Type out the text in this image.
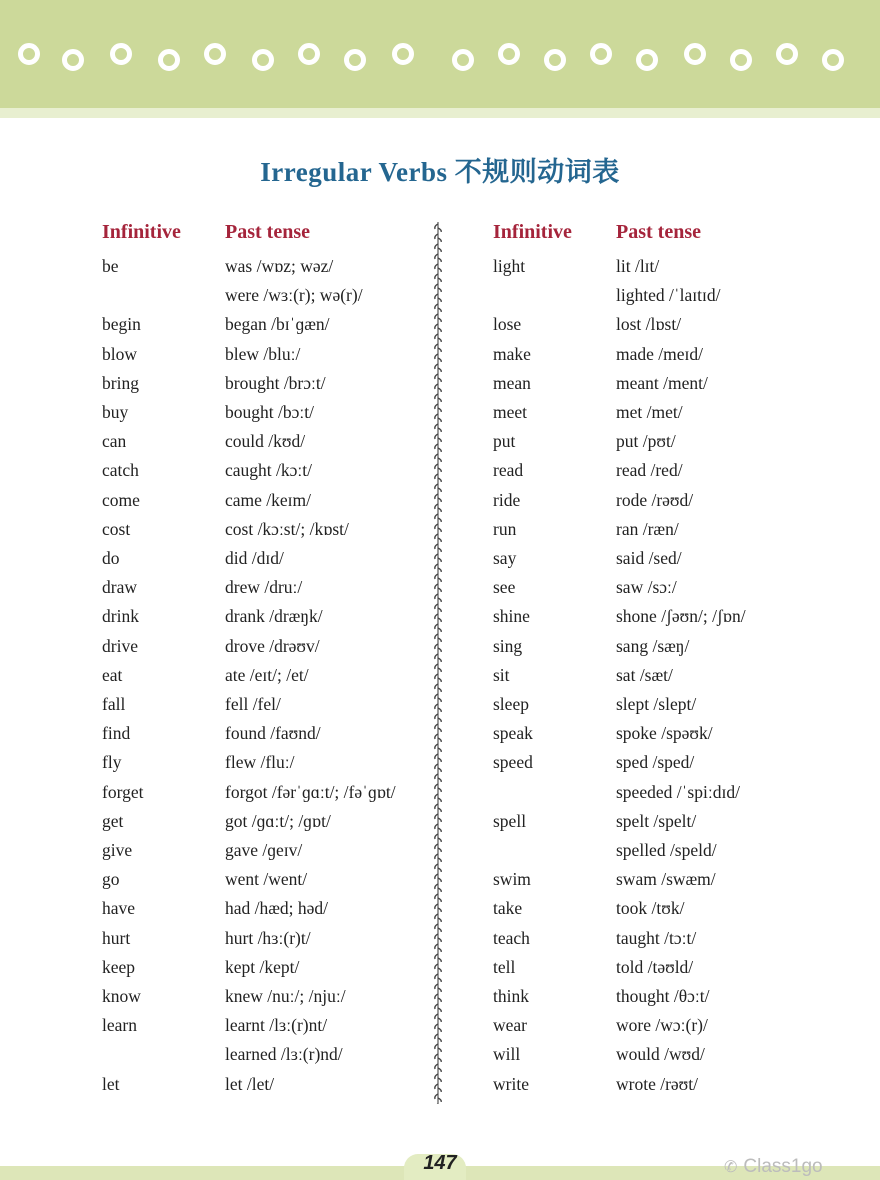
Irregular Verbs 不规则动词表
Infinitive Past tense	Infinitive Past tense
be	was /wɒz; wəz/
were /wɜː(r); wə(r)/
begin	began /bɪˈɡæn/
blow	blew /bluː/
bring	brought /brɔːt/
buy	bought /bɔːt/
can	could /kʊd/
catch	caught /kɔːt/
come	came /keɪm/
cost	cost /kɔːst/; /kɒst/
do	did /dɪd/
draw	drew /druː/
drink	drank /dræŋk/
drive	drove /drəʊv/
eat	ate /eɪt/; /et/
fall	fell /fel/
find	found /faʊnd/
fly	flew /fluː/
forget	forgot /fərˈɡɑːt/; /fəˈɡɒt/
get	got /ɡɑːt/; /ɡɒt/
give	gave /ɡeɪv/
go	went /went/
have	had /hæd; həd/
hurt	hurt /hɜː(r)t/
keep	kept /kept/
know	knew /nuː/; /njuː/
learn	learnt /lɜː(r)nt/
learned /lɜː(r)nd/
let	let /let/
light	lit /lɪt/
lighted /ˈlaɪtɪd/
lose	lost /lɒst/
make	made /meɪd/
mean	meant /ment/
meet	met /met/
put	put /pʊt/
read	read /red/
ride	rode /rəʊd/
run	ran /ræn/
say	said /sed/
see	saw /sɔː/
shine	shone /ʃəʊn/; /ʃɒn/
sing	sang /sæŋ/
sit	sat /sæt/
sleep	slept /slept/
speak	spoke /spəʊk/
speed	sped /sped/
speeded /ˈspiːdɪd/
spell	spelt /spelt/
spelled /speld/
swim	swam /swæm/
take	took /tʊk/
teach	taught /tɔːt/
tell	told /təʊld/
think	thought /θɔːt/
wear	wore /wɔː(r)/
will	would /wʊd/
write	wrote /rəʊt/
147	✆ Class1go
